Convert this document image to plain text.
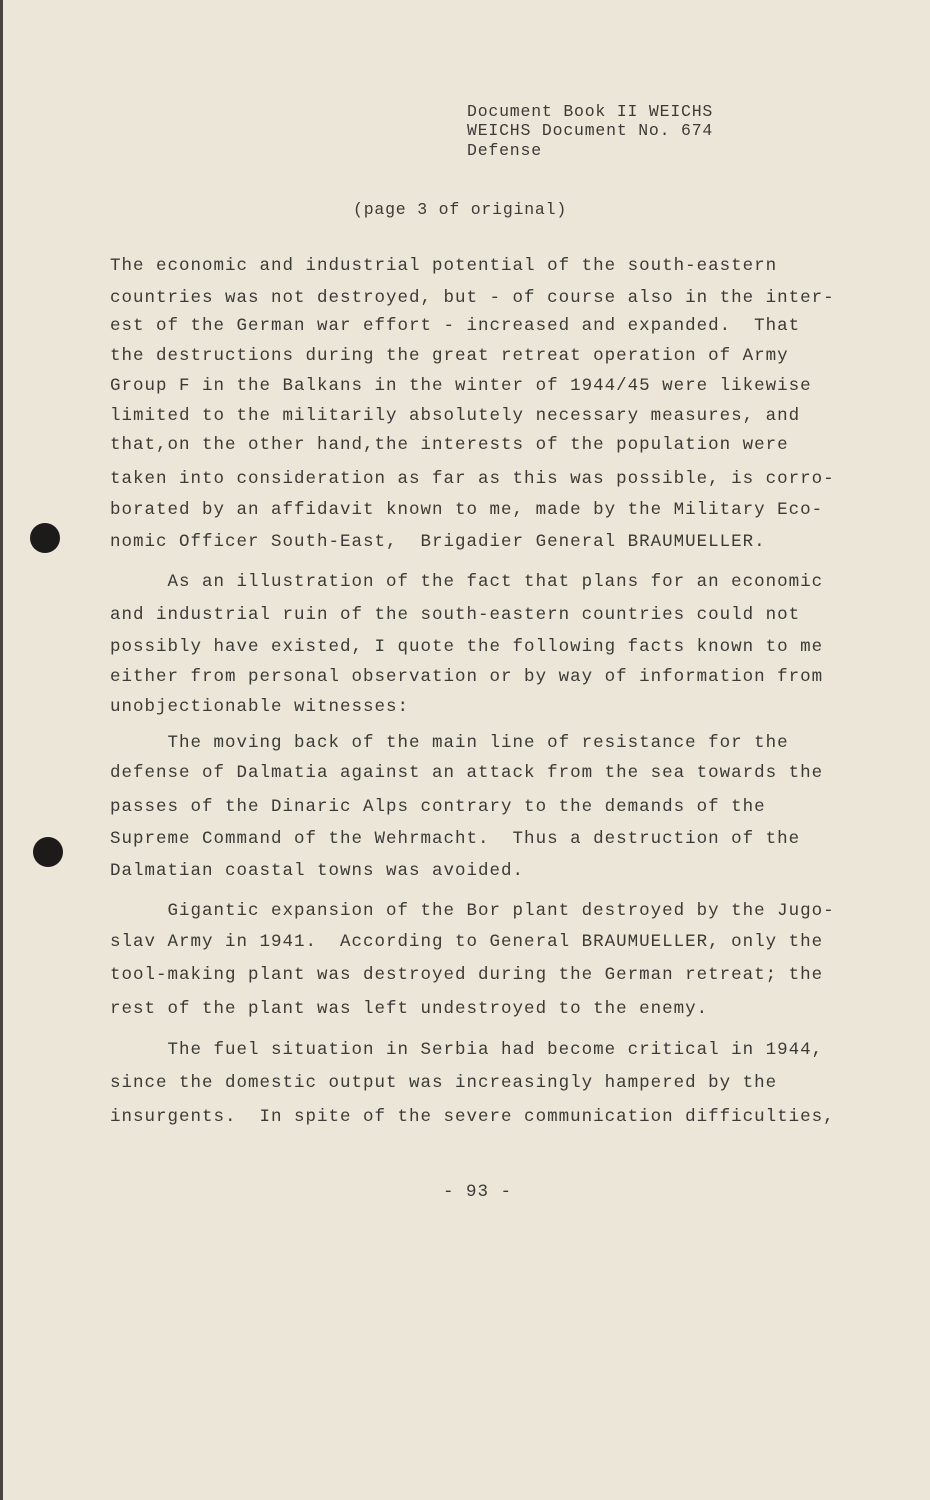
Document Book II WEICHS
WEICHS Document No. 674
Defense
(page 3 of original)
The economic and industrial potential of the south-eastern
countries was not destroyed, but - of course also in the inter-
est of the German war effort - increased and expanded.  That
the destructions during the great retreat operation of Army
Group F in the Balkans in the winter of 1944/45 were likewise
limited to the militarily absolutely necessary measures, and
that,on the other hand,the interests of the population were
taken into consideration as far as this was possible, is corro-
borated by an affidavit known to me, made by the Military Eco-
nomic Officer South-East,  Brigadier General BRAUMUELLER.
As an illustration of the fact that plans for an economic
and industrial ruin of the south-eastern countries could not
possibly have existed, I quote the following facts known to me
either from personal observation or by way of information from
unobjectionable witnesses:
The moving back of the main line of resistance for the
defense of Dalmatia against an attack from the sea towards the
passes of the Dinaric Alps contrary to the demands of the
Supreme Command of the Wehrmacht.  Thus a destruction of the
Dalmatian coastal towns was avoided.
Gigantic expansion of the Bor plant destroyed by the Jugo-
slav Army in 1941.  According to General BRAUMUELLER, only the
tool-making plant was destroyed during the German retreat; the
rest of the plant was left undestroyed to the enemy.
The fuel situation in Serbia had become critical in 1944,
since the domestic output was increasingly hampered by the
insurgents.  In spite of the severe communication difficulties,
- 93 -
